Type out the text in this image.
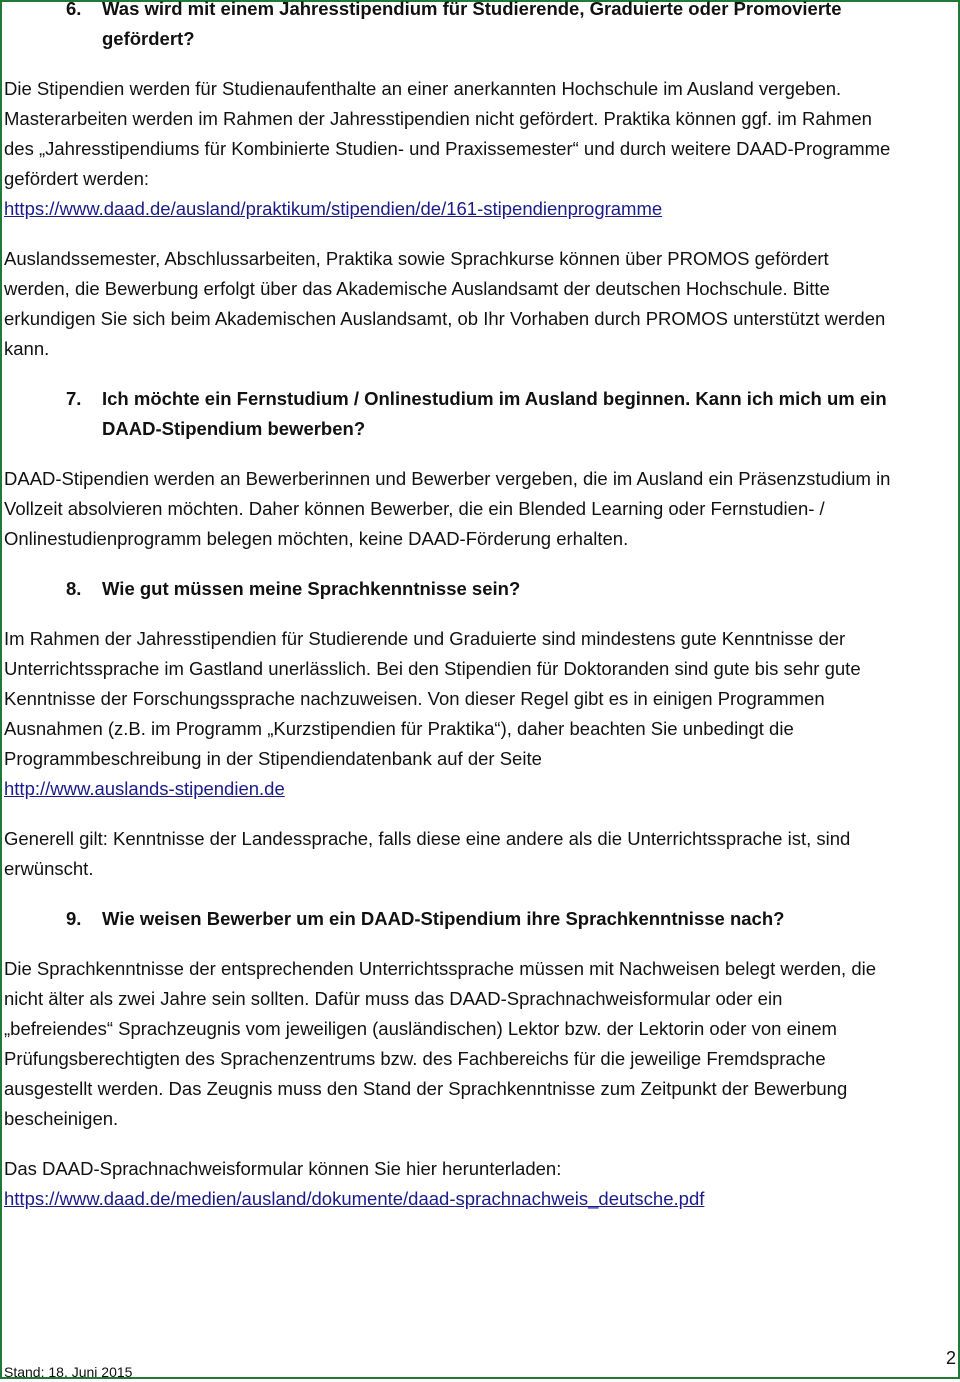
6. Was wird mit einem Jahresstipendium für Studierende, Graduierte oder Promovierte gefördert?

Die Stipendien werden für Studienaufenthalte an einer anerkannten Hochschule im Ausland vergeben. Masterarbeiten werden im Rahmen der Jahresstipendien nicht gefördert. Praktika können ggf. im Rahmen des „Jahresstipendiums für Kombinierte Studien- und Praxissemester“ und durch weitere DAAD-Programme gefördert werden:
https://www.daad.de/ausland/praktikum/stipendien/de/161-stipendienprogramme

Auslandssemester, Abschlussarbeiten, Praktika sowie Sprachkurse können über PROMOS gefördert werden, die Bewerbung erfolgt über das Akademische Auslandsamt der deutschen Hochschule. Bitte erkundigen Sie sich beim Akademischen Auslandsamt, ob Ihr Vorhaben durch PROMOS unterstützt werden kann.

7. Ich möchte ein Fernstudium / Onlinestudium im Ausland beginnen. Kann ich mich um ein DAAD-Stipendium bewerben?

DAAD-Stipendien werden an Bewerberinnen und Bewerber vergeben, die im Ausland ein Präsenzstudium in Vollzeit absolvieren möchten. Daher können Bewerber, die ein Blended Learning oder Fernstudien- / Onlinestudienprogramm belegen möchten, keine DAAD-Förderung erhalten.

8. Wie gut müssen meine Sprachkenntnisse sein?

Im Rahmen der Jahresstipendien für Studierende und Graduierte sind mindestens gute Kenntnisse der Unterrichtssprache im Gastland unerlässlich. Bei den Stipendien für Doktoranden sind gute bis sehr gute Kenntnisse der Forschungssprache nachzuweisen. Von dieser Regel gibt es in einigen Programmen Ausnahmen (z.B. im Programm „Kurzstipendien für Praktika“), daher beachten Sie unbedingt die Programmbeschreibung in der Stipendiendatenbank auf der Seite
http://www.auslands-stipendien.de

Generell gilt: Kenntnisse der Landessprache, falls diese eine andere als die Unterrichtssprache ist, sind erwünscht.

9. Wie weisen Bewerber um ein DAAD-Stipendium ihre Sprachkenntnisse nach?

Die Sprachkenntnisse der entsprechenden Unterrichtssprache müssen mit Nachweisen belegt werden, die nicht älter als zwei Jahre sein sollten. Dafür muss das DAAD-Sprachnachweisformular oder ein „befreiendes“ Sprachzeugnis vom jeweiligen (ausländischen) Lektor bzw. der Lektorin oder von einem Prüfungsberechtigten des Sprachenzentrums bzw. des Fachbereichs für die jeweilige Fremdsprache ausgestellt werden. Das Zeugnis muss den Stand der Sprachkenntnisse zum Zeitpunkt der Bewerbung bescheinigen.

Das DAAD-Sprachnachweisformular können Sie hier herunterladen:
https://www.daad.de/medien/ausland/dokumente/daad-sprachnachweis_deutsche.pdf

Stand: 18. Juni 2015
2
